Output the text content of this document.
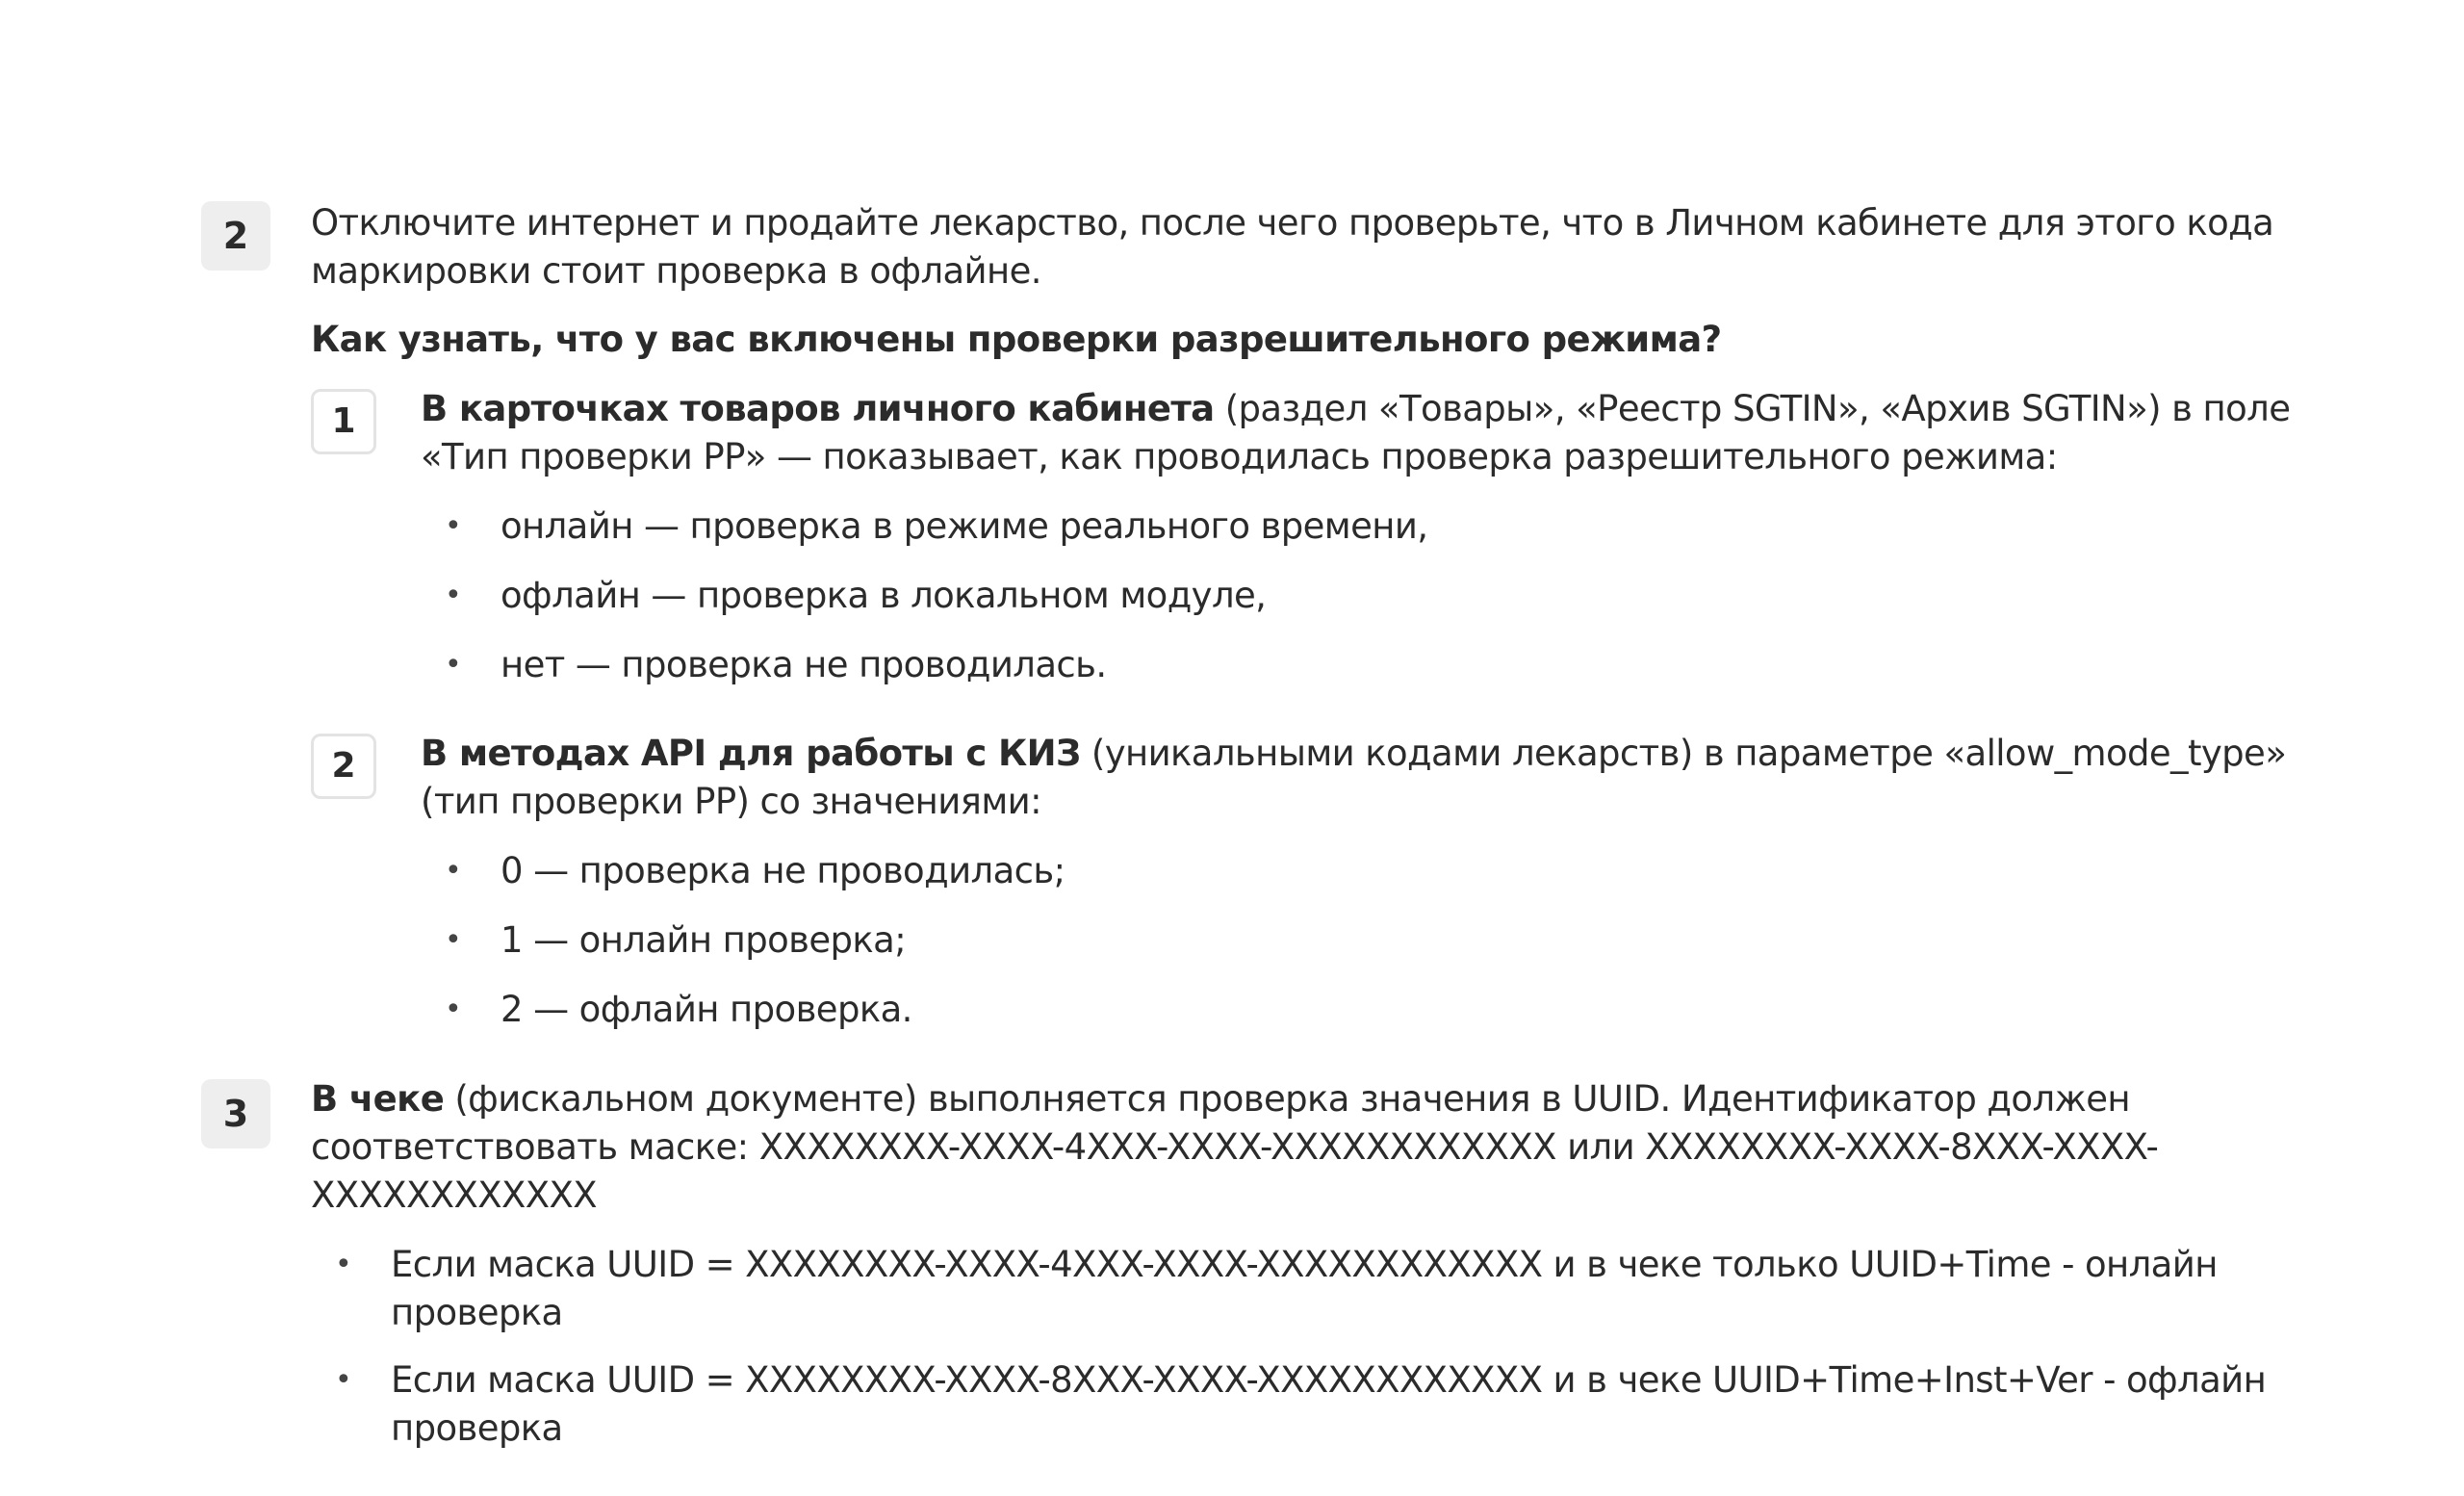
2	Отключите интернет и продайте лекарство, после чего проверьте, что в Личном кабинете для этого кода маркировки стоит проверка в офлайне.

Как узнать, что у вас включены проверки разрешительного режима?

1	В карточках товаров личного кабинета (раздел «Товары», «Реестр SGTIN», «Архив SGTIN») в поле «Тип проверки РР» — показывает, как проводилась проверка разрешительного режима:

•	онлайн — проверка в режиме реального времени,
•	офлайн — проверка в локальном модуле,
•	нет — проверка не проводилась.
2	В методах API для работы с КИЗ (уникальными кодами лекарств) в параметре «allow_mode_type» (тип проверки РР) со значениями:

•	0 — проверка не проводилась;
•	1 — онлайн проверка;
•	2 — офлайн проверка.
3	В чеке (фискальном документе) выполняется проверка значения в UUID. Идентификатор должен соответствовать маске: XXXXXXXX-XXXX-4XXX-XXXX-XXXXXXXXXXXX или XXXXXXXX-XXXX-8XXX-XXXX-XXXXXXXXXXXX

•	Если маска UUID = XXXXXXXX-XXXX-4XXX-XXXX-XXXXXXXXXXXX и в чеке только UUID+Time - онлайн проверка
•	Если маска UUID = XXXXXXXX-XXXX-8XXX-XXXX-XXXXXXXXXXXX и в чеке UUID+Time+Inst+Ver - офлайн проверка
